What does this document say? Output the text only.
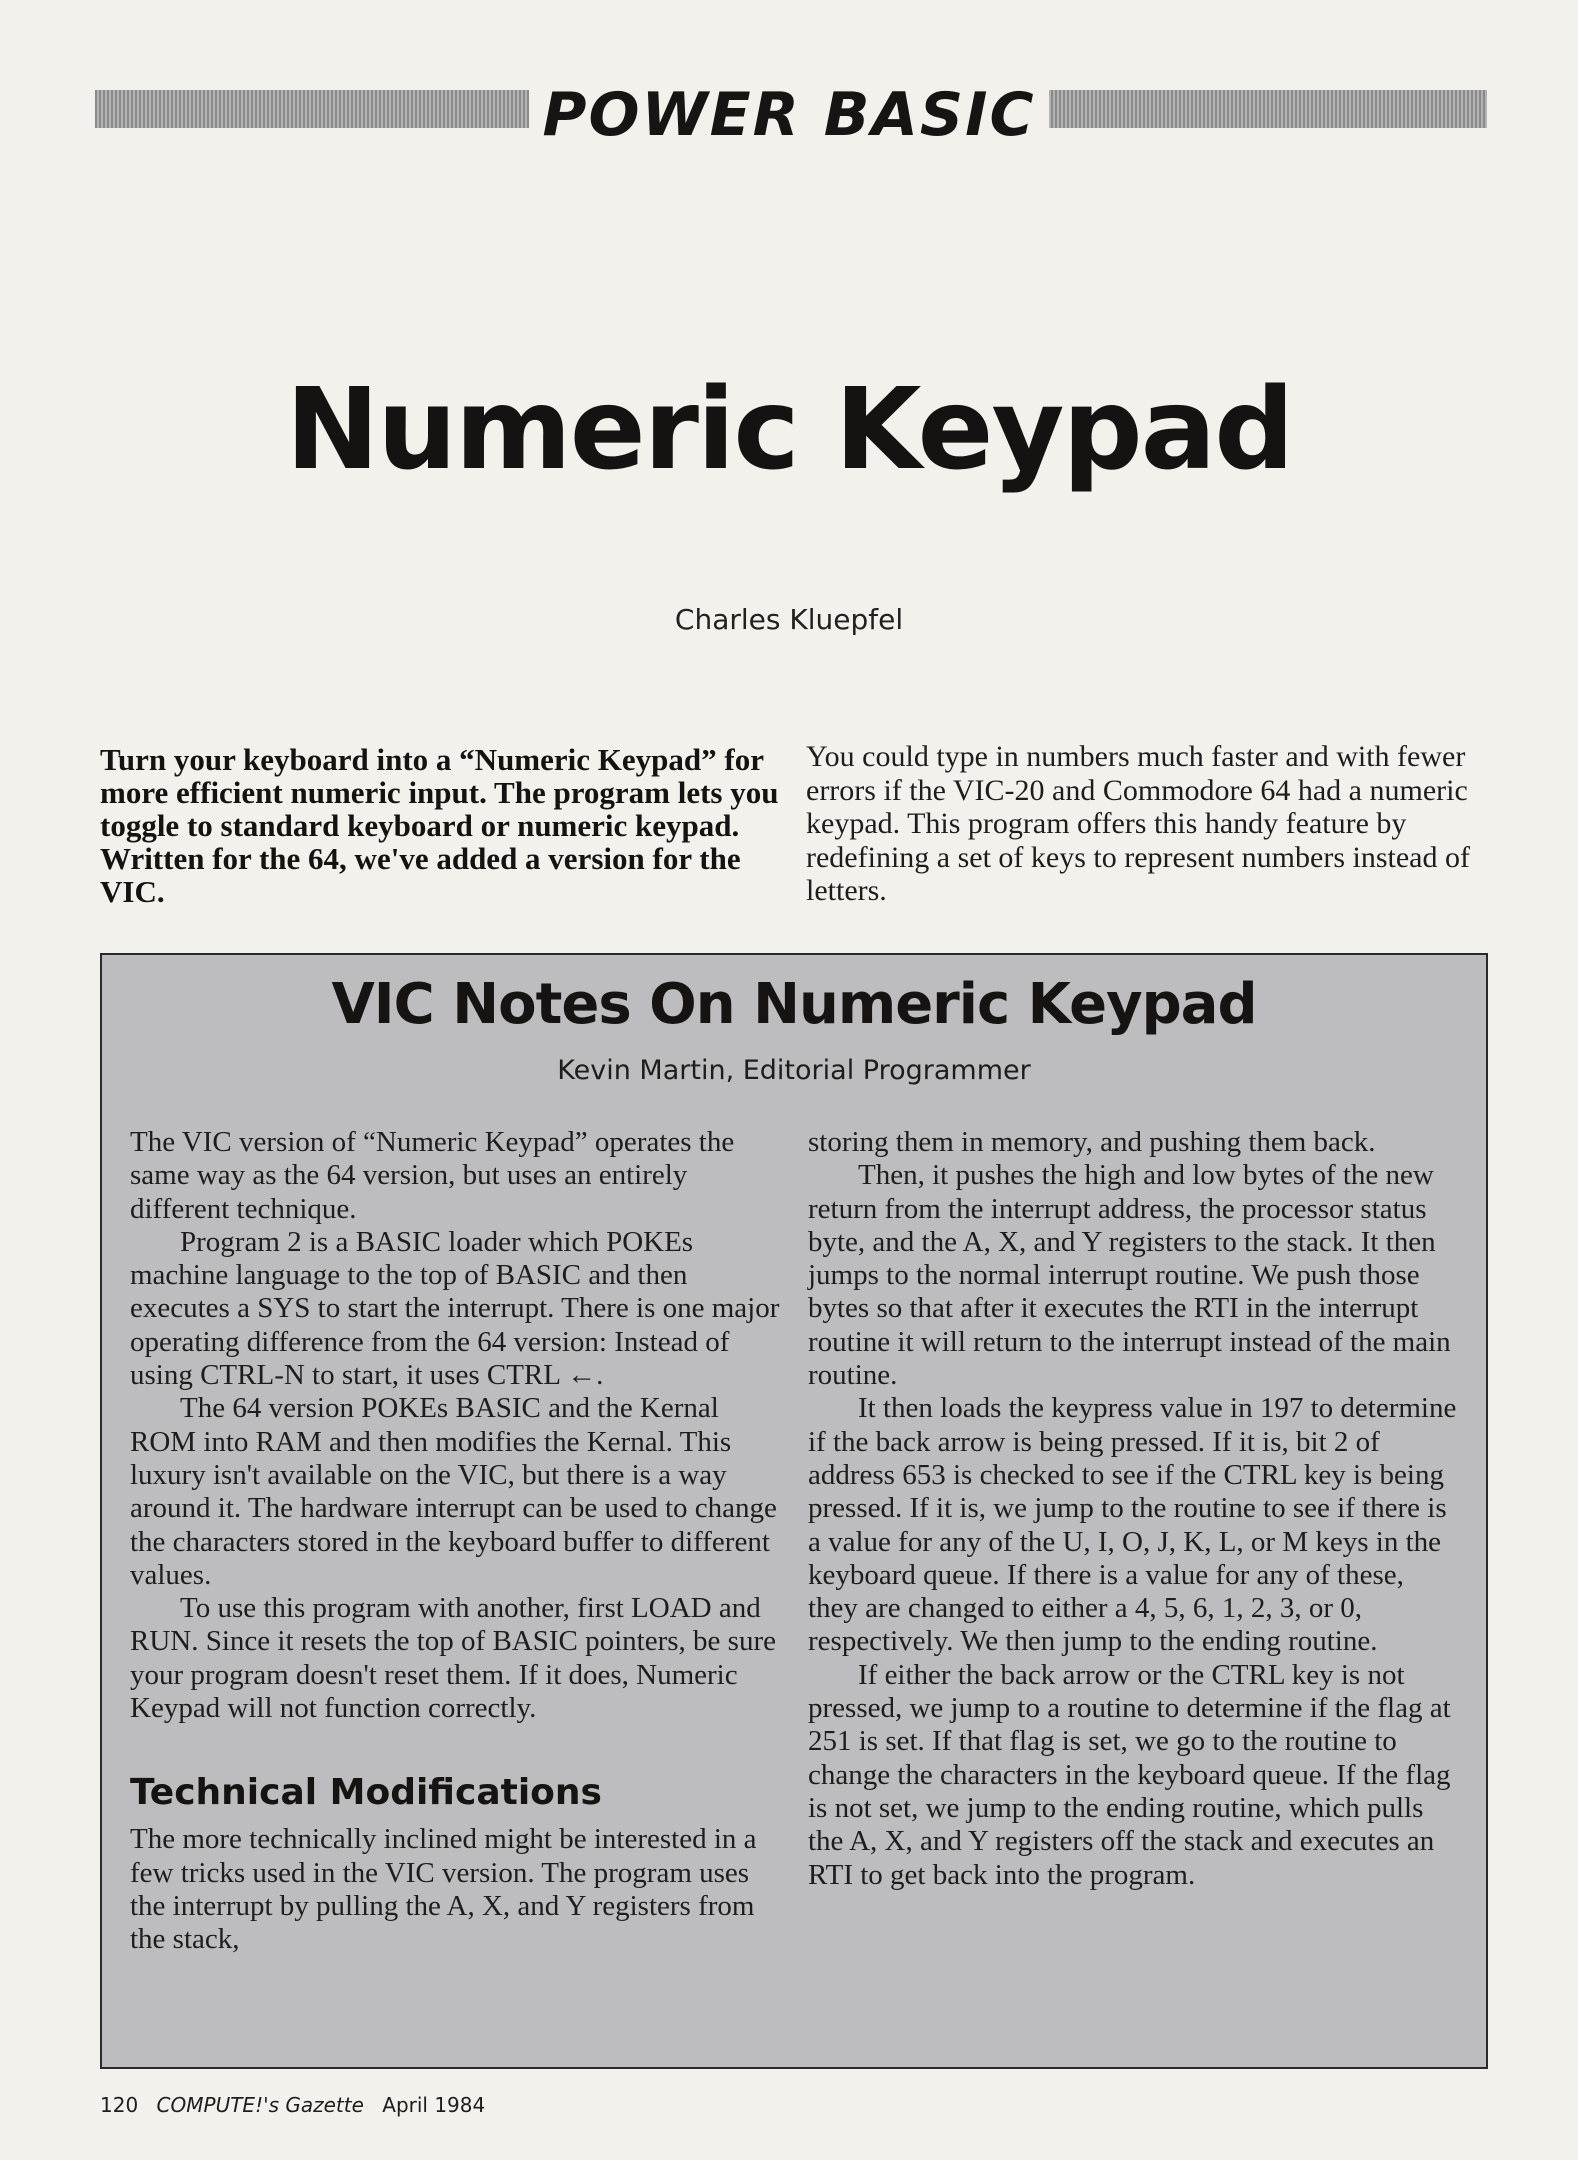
POWER BASIC
Numeric Keypad
Charles Kluepfel
Turn your keyboard into a “Numeric Keypad” for more efficient numeric input. The program lets you toggle to standard keyboard or numeric keypad. Written for the 64, we've added a version for the VIC.
You could type in numbers much faster and with fewer errors if the VIC-20 and Commodore 64 had a numeric keypad. This program offers this handy feature by redefining a set of keys to represent numbers instead of letters.
VIC Notes On Numeric Keypad
Kevin Martin, Editorial Programmer

The VIC version of “Numeric Keypad” operates the same way as the 64 version, but uses an entirely different technique.

Program 2 is a BASIC loader which POKEs machine language to the top of BASIC and then executes a SYS to start the interrupt. There is one major operating difference from the 64 version: Instead of using CTRL-N to start, it uses CTRL ←.

The 64 version POKEs BASIC and the Kernal ROM into RAM and then modifies the Kernal. This luxury isn't available on the VIC, but there is a way around it. The hardware interrupt can be used to change the characters stored in the keyboard buffer to different values.

To use this program with another, first LOAD and RUN. Since it resets the top of BASIC pointers, be sure your program doesn't reset them. If it does, Numeric Keypad will not function correctly.

Technical Modifications

The more technically inclined might be interested in a few tricks used in the VIC version. The program uses the interrupt by pulling the A, X, and Y registers from the stack,

storing them in memory, and pushing them back.

Then, it pushes the high and low bytes of the new return from the interrupt address, the processor status byte, and the A, X, and Y registers to the stack. It then jumps to the normal interrupt routine. We push those bytes so that after it executes the RTI in the interrupt routine it will return to the interrupt instead of the main routine.

It then loads the keypress value in 197 to determine if the back arrow is being pressed. If it is, bit 2 of address 653 is checked to see if the CTRL key is being pressed. If it is, we jump to the routine to see if there is a value for any of the U, I, O, J, K, L, or M keys in the keyboard queue. If there is a value for any of these, they are changed to either a 4, 5, 6, 1, 2, 3, or 0, respectively. We then jump to the ending routine.

If either the back arrow or the CTRL key is not pressed, we jump to a routine to determine if the flag at 251 is set. If that flag is set, we go to the routine to change the characters in the keyboard queue. If the flag is not set, we jump to the ending routine, which pulls the A, X, and Y registers off the stack and executes an RTI to get back into the program.

120 COMPUTE!'s Gazette April 1984
